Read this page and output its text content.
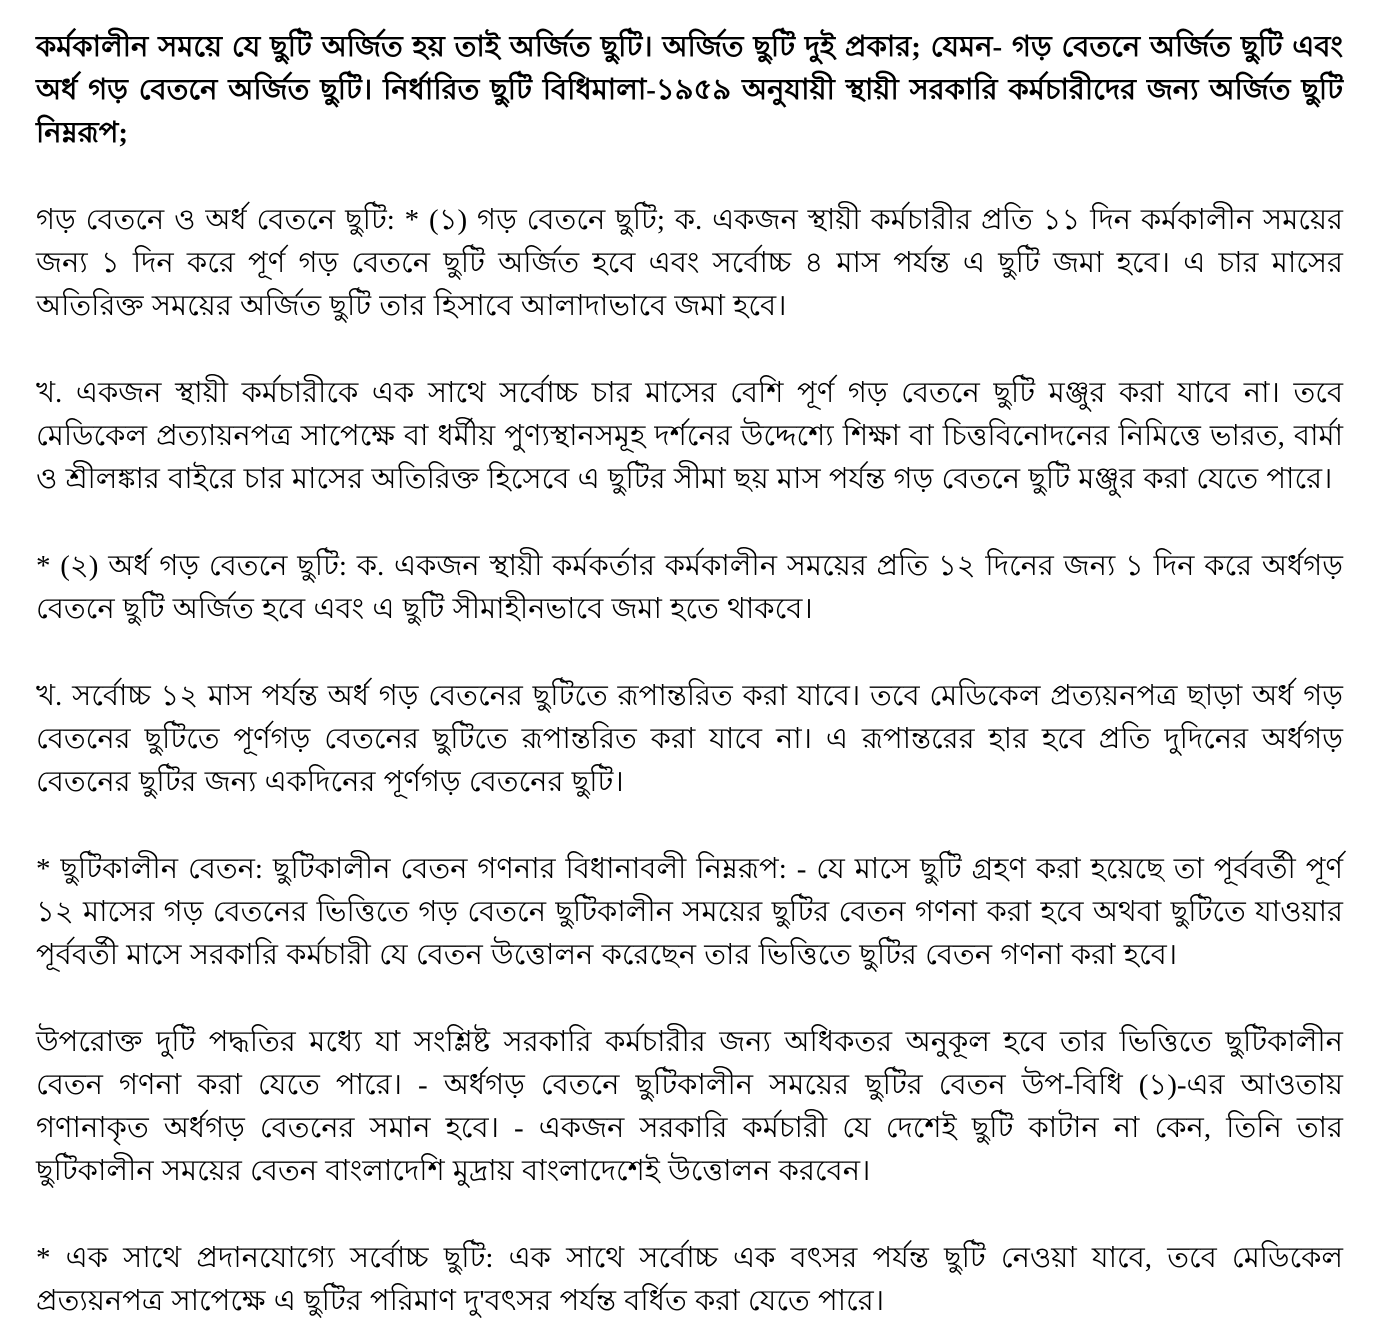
কর্মকালীন সময়ে যে ছুটি অর্জিত হয় তাই অর্জিত ছুটি। অর্জিত ছুটি দুই প্রকার; যেমন- গড় বেতনে অর্জিত ছুটি এবং অর্ধ গড় বেতনে অর্জিত ছুটি। নির্ধারিত ছুটি বিধিমালা-১৯৫৯ অনুযায়ী স্থায়ী সরকারি কর্মচারীদের জন্য অর্জিত ছুটি নিম্নরূপ;

গড় বেতনে ও অর্ধ বেতনে ছুটি: * (১) গড় বেতনে ছুটি; ক. একজন স্থায়ী কর্মচারীর প্রতি ১১ দিন কর্মকালীন সময়ের জন্য ১ দিন করে পূর্ণ গড় বেতনে ছুটি অর্জিত হবে এবং সর্বোচ্চ ৪ মাস পর্যন্ত এ ছুটি জমা হবে। এ চার মাসের অতিরিক্ত সময়ের অর্জিত ছুটি তার হিসাবে আলাদাভাবে জমা হবে।

খ. একজন স্থায়ী কর্মচারীকে এক সাথে সর্বোচ্চ চার মাসের বেশি পূর্ণ গড় বেতনে ছুটি মঞ্জুর করা যাবে না। তবে মেডিকেল প্রত্যায়নপত্র সাপেক্ষে বা ধর্মীয় পুণ্যস্থানসমূহ দর্শনের উদ্দেশ্যে শিক্ষা বা চিত্তবিনোদনের নিমিত্তে ভারত, বার্মা ও শ্রীলঙ্কার বাইরে চার মাসের অতিরিক্ত হিসেবে এ ছুটির সীমা ছয় মাস পর্যন্ত গড় বেতনে ছুটি মঞ্জুর করা যেতে পারে।

* (২) অর্ধ গড় বেতনে ছুটি: ক. একজন স্থায়ী কর্মকর্তার কর্মকালীন সময়ের প্রতি ১২ দিনের জন্য ১ দিন করে অর্ধগড় বেতনে ছুটি অর্জিত হবে এবং এ ছুটি সীমাহীনভাবে জমা হতে থাকবে।

খ. সর্বোচ্চ ১২ মাস পর্যন্ত অর্ধ গড় বেতনের ছুটিতে রূপান্তরিত করা যাবে। তবে মেডিকেল প্রত্যয়নপত্র ছাড়া অর্ধ গড় বেতনের ছুটিতে পূর্ণগড় বেতনের ছুটিতে রূপান্তরিত করা যাবে না। এ রূপান্তরের হার হবে প্রতি দুদিনের অর্ধগড় বেতনের ছুটির জন্য একদিনের পূর্ণগড় বেতনের ছুটি।

* ছুটিকালীন বেতন: ছুটিকালীন বেতন গণনার বিধানাবলী নিম্নরূপ: - যে মাসে ছুটি গ্রহণ করা হয়েছে তা পূর্ববর্তী পূর্ণ ১২ মাসের গড় বেতনের ভিত্তিতে গড় বেতনে ছুটিকালীন সময়ের ছুটির বেতন গণনা করা হবে অথবা ছুটিতে যাওয়ার পূর্ববর্তী মাসে সরকারি কর্মচারী যে বেতন উত্তোলন করেছেন তার ভিত্তিতে ছুটির বেতন গণনা করা হবে।

উপরোক্ত দুটি পদ্ধতির মধ্যে যা সংশ্লিষ্ট সরকারি কর্মচারীর জন্য অধিকতর অনুকূল হবে তার ভিত্তিতে ছুটিকালীন বেতন গণনা করা যেতে পারে। - অর্ধগড় বেতনে ছুটিকালীন সময়ের ছুটির বেতন উপ-বিধি (১)-এর আওতায় গণানাকৃত অর্ধগড় বেতনের সমান হবে। - একজন সরকারি কর্মচারী যে দেশেই ছুটি কাটান না কেন, তিনি তার ছুটিকালীন সময়ের বেতন বাংলাদেশি মুদ্রায় বাংলাদেশেই উত্তোলন করবেন।

* এক সাথে প্রদানযোগ্যে সর্বোচ্চ ছুটি: এক সাথে সর্বোচ্চ এক বৎসর পর্যন্ত ছুটি নেওয়া যাবে, তবে মেডিকেল প্রত্যয়নপত্র সাপেক্ষে এ ছুটির পরিমাণ দু'বৎসর পর্যন্ত বর্ধিত করা যেতে পারে।
